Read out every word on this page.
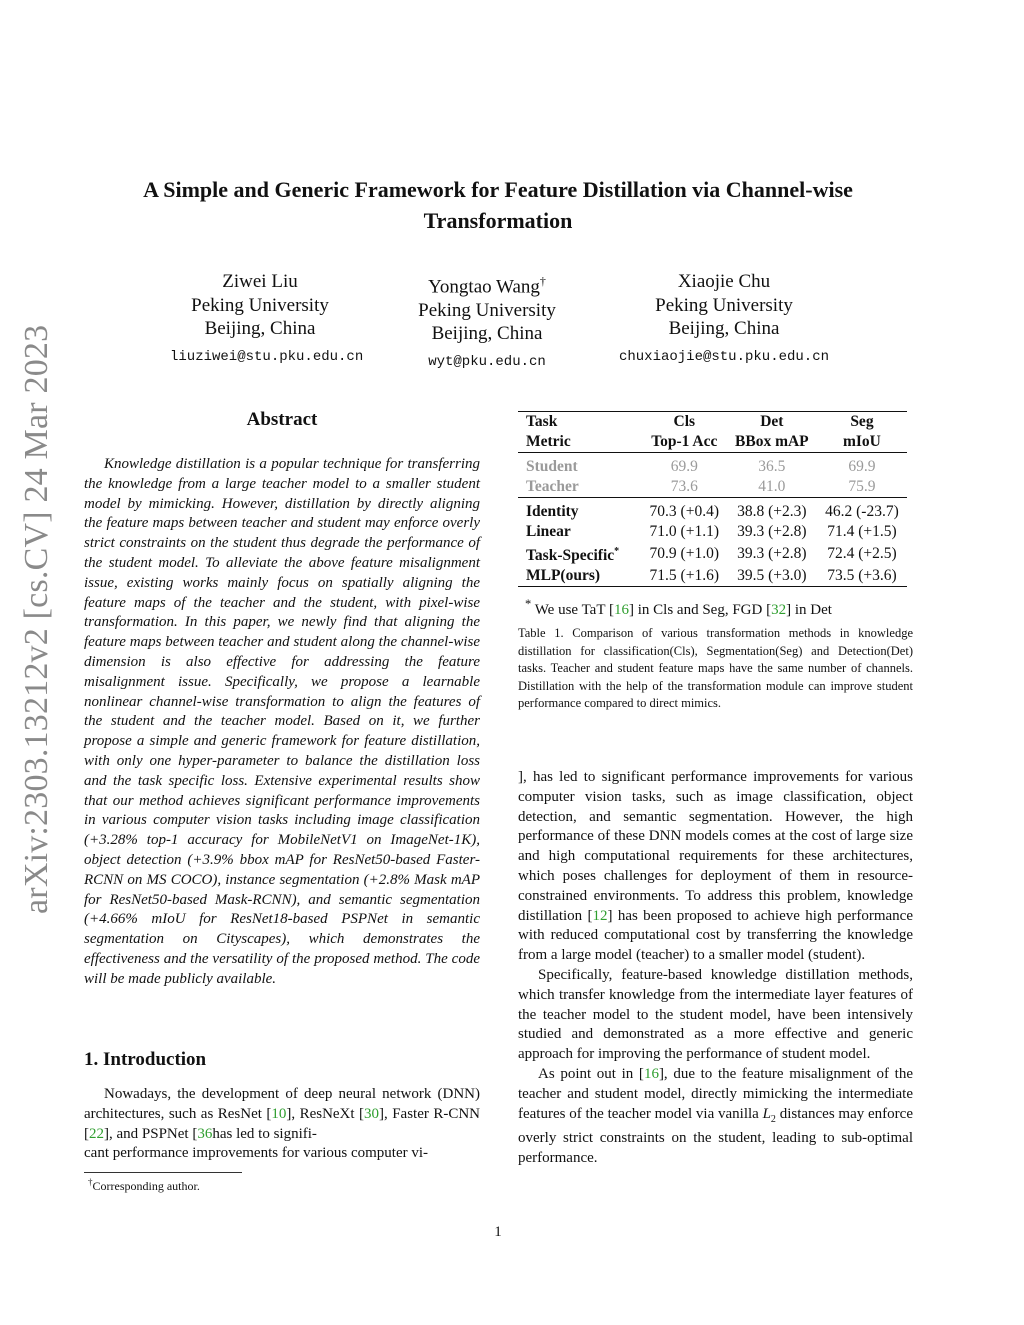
arXiv:2303.13212v2 [cs.CV] 24 Mar 2023
A Simple and Generic Framework for Feature Distillation via Channel-wise Transformation
Ziwei Liu
Peking University
Beijing, China
liuziwei@stu.pku.edu.cn
Yongtao Wang†
Peking University
Beijing, China
wyt@pku.edu.cn
Xiaojie Chu
Peking University
Beijing, China
chuxiaojie@stu.pku.edu.cn
Abstract

Knowledge distillation is a popular technique for transferring the knowledge from a large teacher model to a smaller student model by mimicking. However, distillation by directly aligning the feature maps between teacher and student may enforce overly strict constraints on the student thus degrade the performance of the student model. To alleviate the above feature misalignment issue, existing works mainly focus on spatially aligning the feature maps of the teacher and the student, with pixel-wise transformation. In this paper, we newly find that aligning the feature maps between teacher and student along the channel-wise dimension is also effective for addressing the feature misalignment issue. Specifically, we propose a learnable nonlinear channel-wise transformation to align the features of the student and the teacher model. Based on it, we further propose a simple and generic framework for feature distillation, with only one hyper-parameter to balance the distillation loss and the task specific loss. Extensive experimental results show that our method achieves significant performance improvements in various computer vision tasks including image classification (+3.28% top-1 accuracy for MobileNetV1 on ImageNet-1K), object detection (+3.9% bbox mAP for ResNet50-based Faster-RCNN on MS COCO), instance segmentation (+2.8% Mask mAP for ResNet50-based Mask-RCNN), and semantic segmentation (+4.66% mIoU for ResNet18-based PSPNet in semantic segmentation on Cityscapes), which demonstrates the effectiveness and the versatility of the proposed method. The code will be made publicly available.

1. Introduction

Nowadays, the development of deep neural network (DNN) architectures, such as ResNet [10], ResNeXt [30], Faster R-CNN [22], and PSPNet [36has led to signifi-
cant performance improvements for various computer vi-

†Corresponding author.
Task	Cls	Det	Seg
Metric	Top-1 Acc	BBox mAP	mIoU
Student	69.9	36.5	69.9
Teacher	73.6	41.0	75.9
Identity	70.3 (+0.4)	38.8 (+2.3)	46.2 (-23.7)
Linear	71.0 (+1.1)	39.3 (+2.8)	71.4 (+1.5)
Task-Specific*	70.9 (+1.0)	39.3 (+2.8)	72.4 (+2.5)
MLP(ours)	71.5 (+1.6)	39.5 (+3.0)	73.5 (+3.6)
* We use TaT [16] in Cls and Seg, FGD [32] in Det
Table 1. Comparison of various transformation methods in knowledge distillation for classification(Cls), Segmentation(Seg) and Detection(Det) tasks. Teacher and student feature maps have the same number of channels. Distillation with the help of the transformation module can improve student performance compared to direct mimics.

], has led to significant performance improvements for various computer vision tasks, such as image classification, object detection, and semantic segmentation. However, the high performance of these DNN models comes at the cost of large size and high computational requirements for these architectures, which poses challenges for deployment of them in resource-constrained environments. To address this problem, knowledge distillation [12] has been proposed to achieve high performance with reduced computational cost by transferring the knowledge from a large model (teacher) to a smaller model (student).

Specifically, feature-based knowledge distillation methods, which transfer knowledge from the intermediate layer features of the teacher model to the student model, have been intensively studied and demonstrated as a more effective and generic approach for improving the performance of student model.

As point out in [16], due to the feature misalignment of the teacher and student model, directly mimicking the intermediate features of the teacher model via vanilla $L_2$ distances may enforce overly strict constraints on the student, leading to sub-optimal performance.

1
